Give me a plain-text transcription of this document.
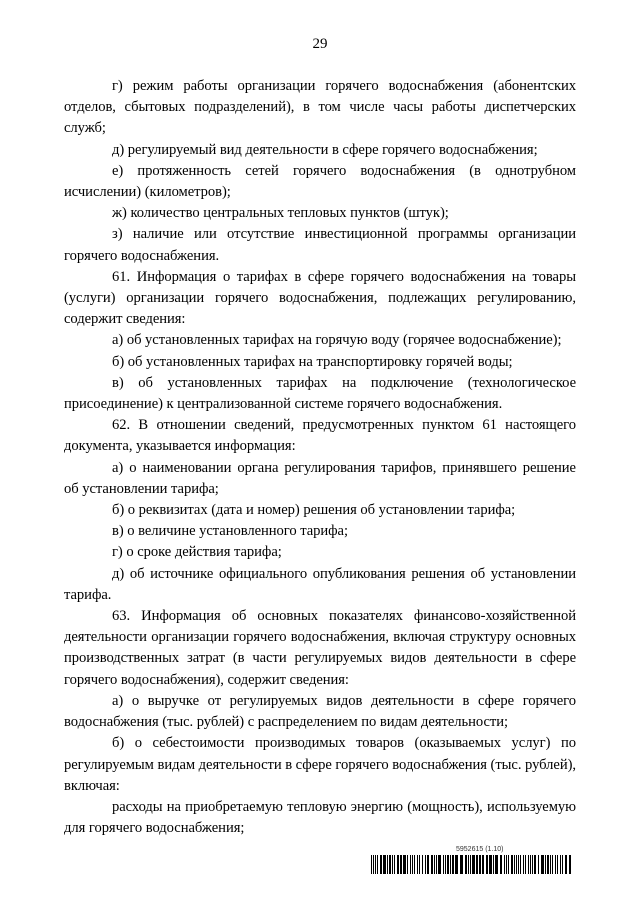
29

г) режим работы организации горячего водоснабжения (абонентских отделов, сбытовых подразделений), в том числе часы работы диспетчерских служб;

д) регулируемый вид деятельности в сфере горячего водоснабжения;

е) протяженность сетей горячего водоснабжения (в однотрубном исчислении) (километров);

ж) количество центральных тепловых пунктов (штук);

з) наличие или отсутствие инвестиционной программы организации горячего водоснабжения.

61. Информация о тарифах в сфере горячего водоснабжения на товары (услуги) организации горячего водоснабжения, подлежащих регулированию, содержит сведения:

а) об установленных тарифах на горячую воду (горячее водоснабжение);

б) об установленных тарифах на транспортировку горячей воды;

в) об установленных тарифах на подключение (технологическое присоединение) к централизованной системе горячего водоснабжения.

62. В отношении сведений, предусмотренных пунктом 61 настоящего документа, указывается информация:

а) о наименовании органа регулирования тарифов, принявшего решение об установлении тарифа;

б) о реквизитах (дата и номер) решения об установлении тарифа;

в) о величине установленного тарифа;

г) о сроке действия тарифа;

д) об источнике официального опубликования решения об установлении тарифа.

63. Информация об основных показателях финансово-хозяйственной деятельности организации горячего водоснабжения, включая структуру основных производственных затрат (в части регулируемых видов деятельности в сфере горячего водоснабжения), содержит сведения:

а) о выручке от регулируемых видов деятельности в сфере горячего водоснабжения (тыс. рублей) с распределением по видам деятельности;

б) о себестоимости производимых товаров (оказываемых услуг) по регулируемым видам деятельности в сфере горячего водоснабжения (тыс. рублей), включая:

расходы на приобретаемую тепловую энергию (мощность), используемую для горячего водоснабжения;

5952615 (1.10)
